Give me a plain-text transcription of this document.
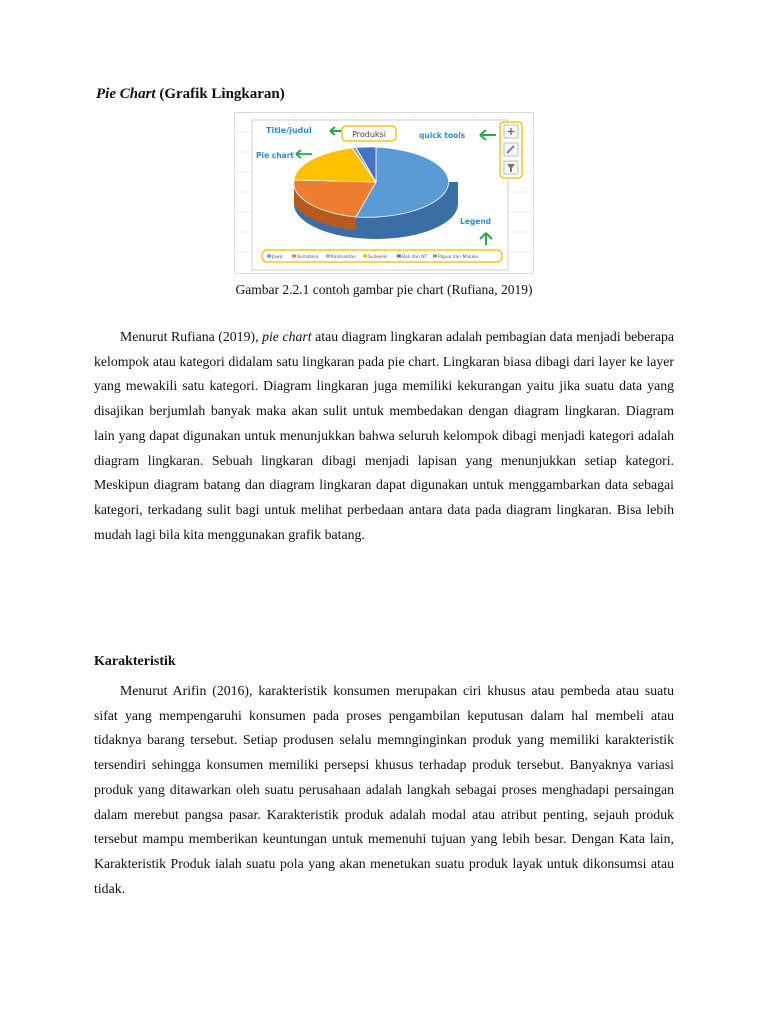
Pie Chart (Grafik Lingkaran)
Title/judul	Produksi	quick tools
Pie chart
Legend
Jawa	Sumatera	Kalimantan	Sulawesi	Bali dan NT Papua dan Maluku
Gambar 2.2.1 contoh gambar pie chart (Rufiana, 2019)
Menurut Rufiana (2019), pie chart atau diagram lingkaran adalah pembagian data menjadi beberapa kelompok atau kategori didalam satu lingkaran pada pie chart. Lingkaran biasa dibagi dari layer ke layer yang mewakili satu kategori. Diagram lingkaran juga memiliki kekurangan yaitu jika suatu data yang disajikan berjumlah banyak maka akan sulit untuk membedakan dengan diagram lingkaran. Diagram lain yang dapat digunakan untuk menunjukkan bahwa seluruh kelompok dibagi menjadi kategori adalah diagram lingkaran. Sebuah lingkaran dibagi menjadi lapisan yang menunjukkan setiap kategori. Meskipun diagram batang dan diagram lingkaran dapat digunakan untuk menggambarkan data sebagai kategori, terkadang sulit bagi untuk melihat perbedaan antara data pada diagram lingkaran. Bisa lebih mudah lagi bila kita menggunakan grafik batang.
Karakteristik
Menurut Arifin (2016), karakteristik konsumen merupakan ciri khusus atau pembeda atau suatu sifat yang mempengaruhi konsumen pada proses pengambilan keputusan dalam hal membeli atau tidaknya barang tersebut. Setiap produsen selalu memnginginkan produk yang memiliki karakteristik tersendiri sehingga konsumen memiliki persepsi khusus terhadap produk tersebut. Banyaknya variasi produk yang ditawarkan oleh suatu perusahaan adalah langkah sebagai proses menghadapi persaingan dalam merebut pangsa pasar. Karakteristik produk adalah modal atau atribut penting, sejauh produk tersebut mampu memberikan keuntungan untuk memenuhi tujuan yang lebih besar. Dengan Kata lain, Karakteristik Produk ialah suatu pola yang akan menetukan suatu produk layak untuk dikonsumsi atau tidak.
